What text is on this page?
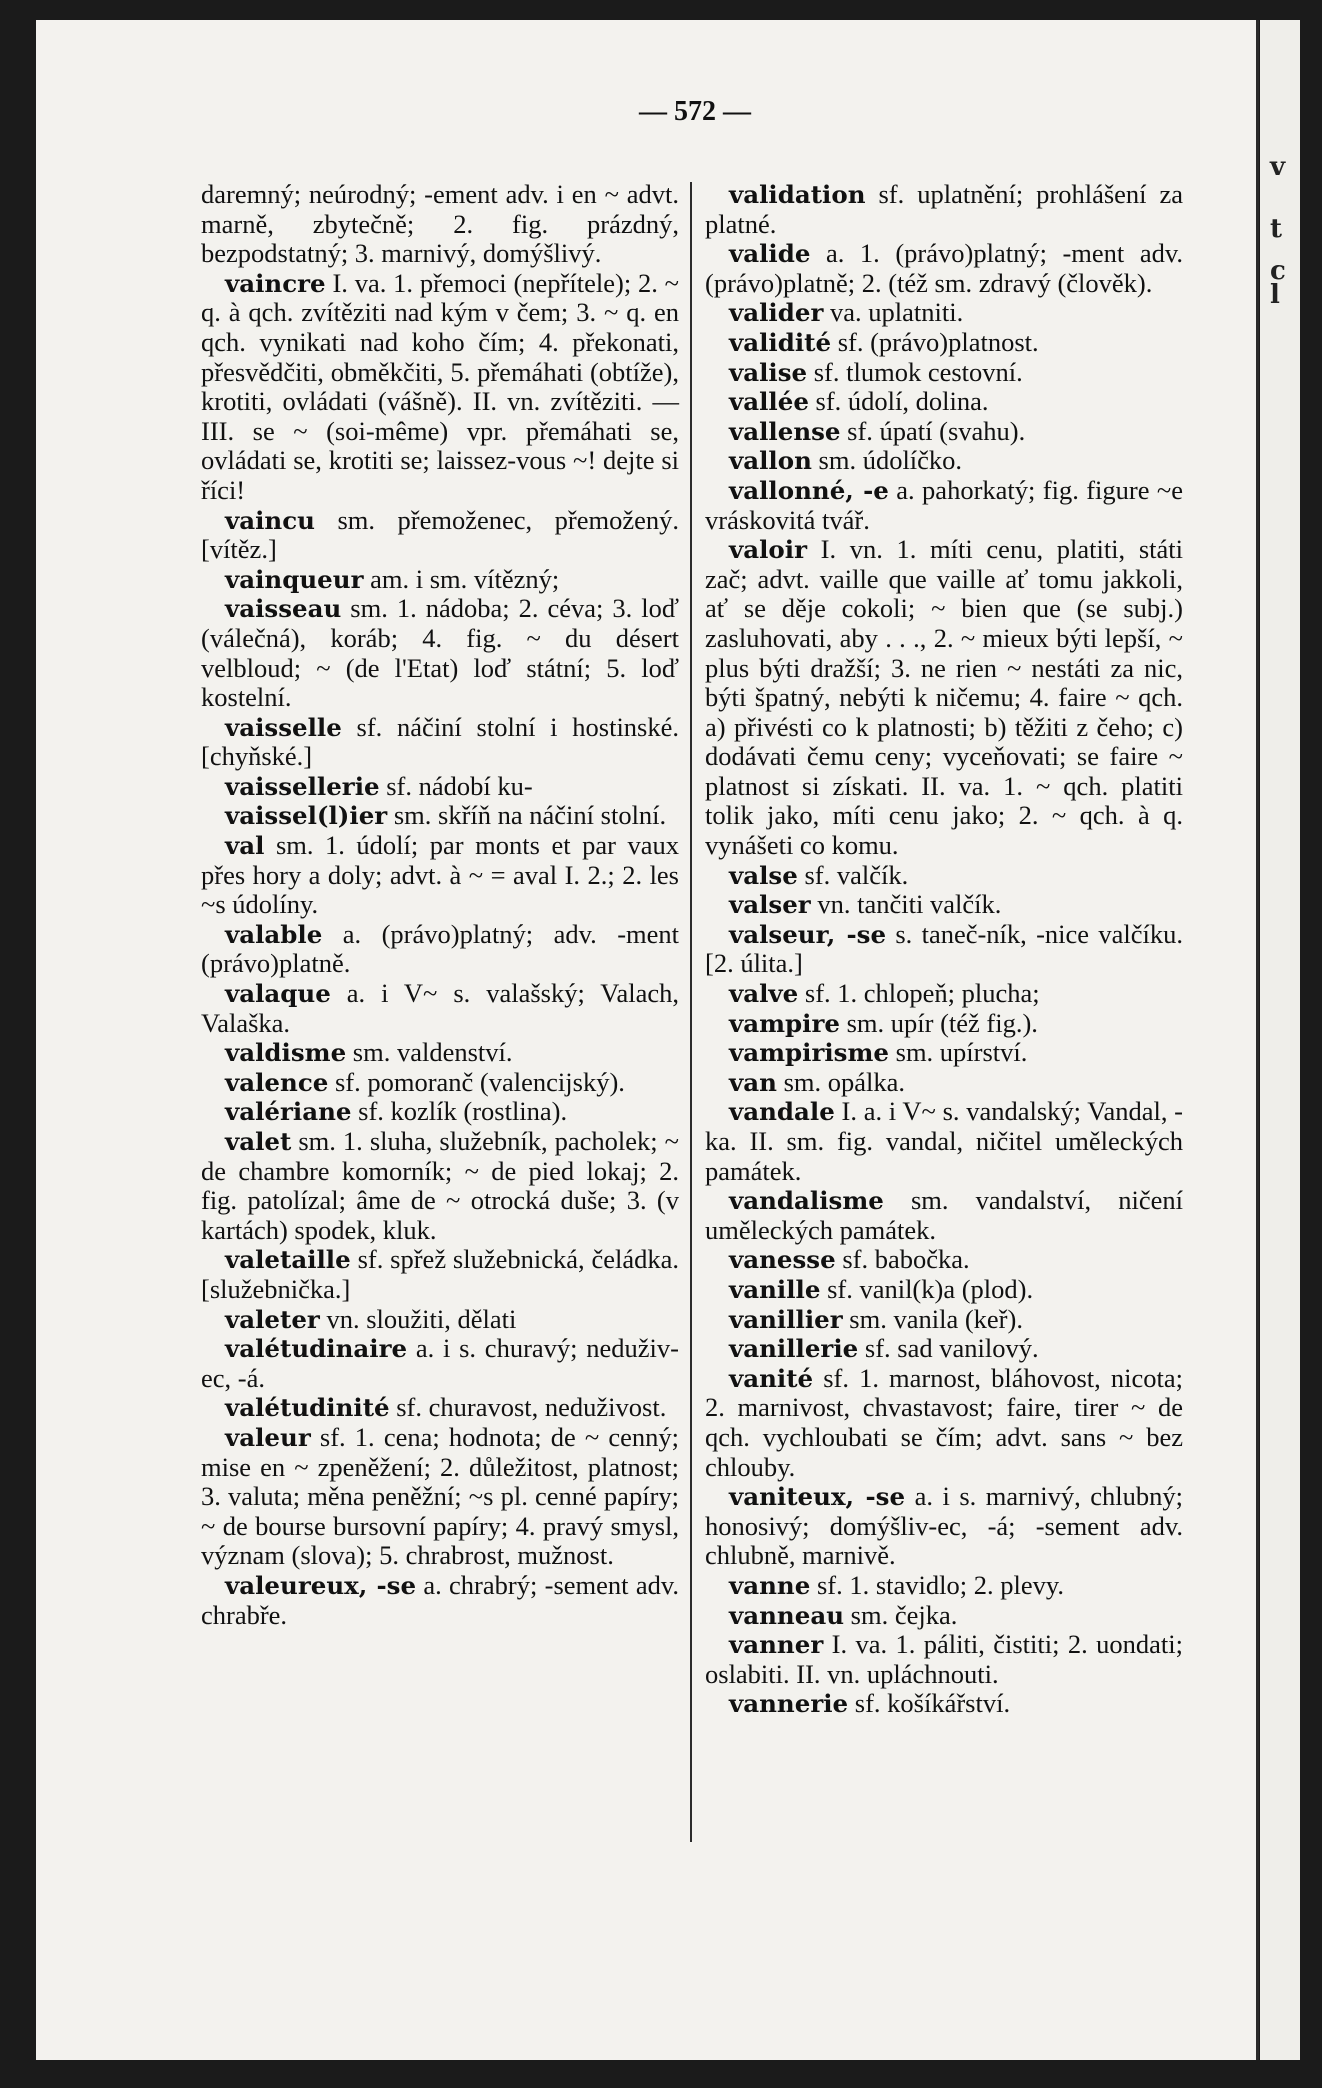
v
t
c
l
— 572 —

daremný; neúrodný; -ement adv. i en ~ advt. marně, zbytečně; 2. fig. prázdný, bezpodstatný; 3. marnivý, domýšlivý.

vaincre I. va. 1. přemoci (nepřítele); 2. ~ q. à qch. zvítěziti nad kým v čem; 3. ~ q. en qch. vynikati nad koho čím; 4. překonati, přesvědčiti, obměkčiti, 5. přemáhati (obtíže), krotiti, ovládati (vášně). II. vn. zvítěziti. — III. se ~ (soi-même) vpr. přemáhati se, ovládati se, krotiti se; laissez-vous ~! dejte si říci!

vaincu sm. přemoženec, přemožený. [vítěz.]

vainqueur am. i sm. vítězný;

vaisseau sm. 1. nádoba; 2. céva; 3. loď (válečná), koráb; 4. fig. ~ du désert velbloud; ~ (de l'Etat) loď státní; 5. loď kostelní.

vaisselle sf. náčiní stolní i hostinské. [chyňské.]

vaissellerie sf. nádobí ku-

vaissel(l)ier sm. skříň na náčiní stolní.

val sm. 1. údolí; par monts et par vaux přes hory a doly; advt. à ~ = aval I. 2.; 2. les ~s údolíny.

valable a. (právo)platný; adv. -ment (právo)platně.

valaque a. i V~ s. valašský; Valach, Valaška.

valdisme sm. valdenství.

valence sf. pomoranč (valencijský).

valériane sf. kozlík (rostlina).

valet sm. 1. sluha, služebník, pacholek; ~ de chambre komorník; ~ de pied lokaj; 2. fig. patolízal; âme de ~ otrocká duše; 3. (v kartách) spodek, kluk.

valetaille sf. spřež služebnická, čeládka. [služebnička.]

valeter vn. sloužiti, dělati

valétudinaire a. i s. churavý; neduživ-ec, -á.

valétudinité sf. churavost, neduživost.

valeur sf. 1. cena; hodnota; de ~ cenný; mise en ~ zpeněžení; 2. důležitost, platnost; 3. valuta; měna peněžní; ~s pl. cenné papíry; ~ de bourse bursovní papíry; 4. pravý smysl, význam (slova); 5. chrabrost, mužnost.

valeureux, -se a. chrabrý; -sement adv. chrabře.

validation sf. uplatnění; prohlášení za platné.

valide a. 1. (právo)platný; -ment adv. (právo)platně; 2. (též sm. zdravý (člověk).

valider va. uplatniti.

validité sf. (právo)platnost.

valise sf. tlumok cestovní.

vallée sf. údolí, dolina.

vallense sf. úpatí (svahu).

vallon sm. údolíčko.

vallonné, -e a. pahorkatý; fig. figure ~e vráskovitá tvář.

valoir I. vn. 1. míti cenu, platiti, státi zač; advt. vaille que vaille ať tomu jakkoli, ať se děje cokoli; ~ bien que (se subj.) zasluhovati, aby . . ., 2. ~ mieux býti lepší, ~ plus býti dražší; 3. ne rien ~ nestáti za nic, býti špatný, nebýti k ničemu; 4. faire ~ qch. a) přivésti co k platnosti; b) těžiti z čeho; c) dodávati čemu ceny; vyceňovati; se faire ~ platnost si získati. II. va. 1. ~ qch. platiti tolik jako, míti cenu jako; 2. ~ qch. à q. vynášeti co komu.

valse sf. valčík.

valser vn. tančiti valčík.

valseur, -se s. taneč-ník, -nice valčíku. [2. úlita.]

valve sf. 1. chlopeň; plucha;

vampire sm. upír (též fig.).

vampirisme sm. upírství.

van sm. opálka.

vandale I. a. i V~ s. vandalský; Vandal, -ka. II. sm. fig. vandal, ničitel uměleckých památek.

vandalisme sm. vandalství, ničení uměleckých památek.

vanesse sf. babočka.

vanille sf. vanil(k)a (plod).

vanillier sm. vanila (keř).

vanillerie sf. sad vanilový.

vanité sf. 1. marnost, bláhovost, nicota; 2. marnivost, chvastavost; faire, tirer ~ de qch. vychloubati se čím; advt. sans ~ bez chlouby.

vaniteux, -se a. i s. marnivý, chlubný; honosivý; domýšliv-ec, -á; -sement adv. chlubně, marnivě.

vanne sf. 1. stavidlo; 2. plevy.

vanneau sm. čejka.

vanner I. va. 1. páliti, čistiti; 2. uondati; oslabiti. II. vn. upláchnouti.

vannerie sf. košíkářství.
